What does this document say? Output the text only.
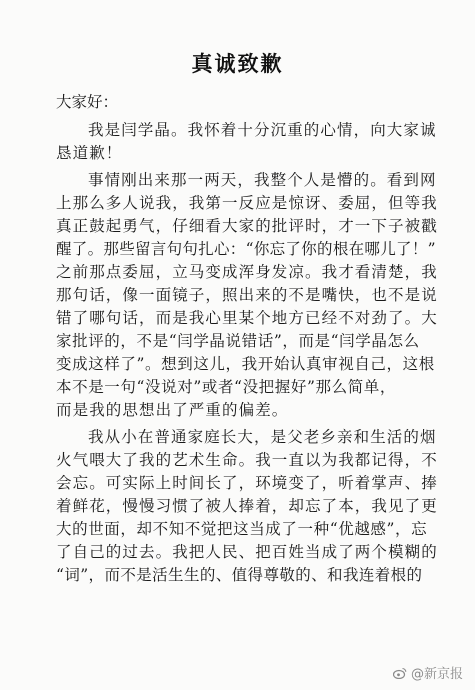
真诚致歉
大家好：
我是闫学晶。我怀着十分沉重的心情，向大家诚
恳道歉！
事情刚出来那一两天，我整个人是懵的。看到网
上那么多人说我，我第一反应是惊讶、委屈，但等我
真正鼓起勇气，仔细看大家的批评时，才一下子被戳
醒了。那些留言句句扎心：“你忘了你的根在哪儿了！”
之前那点委屈，立马变成浑身发凉。我才看清楚，我
那句话，像一面镜子，照出来的不是嘴快，也不是说
错了哪句话，而是我心里某个地方已经不对劲了。大
家批评的，不是“闫学晶说错话”，而是“闫学晶怎么
变成这样了”。想到这儿，我开始认真审视自己，这根
本不是一句“没说对”或者“没把握好”那么简单，
而是我的思想出了严重的偏差。
我从小在普通家庭长大，是父老乡亲和生活的烟
火气喂大了我的艺术生命。我一直以为我都记得，不
会忘。可实际上时间长了，环境变了，听着掌声、捧
着鲜花，慢慢习惯了被人捧着，却忘了本，我见了更
大的世面，却不知不觉把这当成了一种“优越感”，忘
了自己的过去。我把人民、把百姓当成了两个模糊的
“词”，而不是活生生的、值得尊敬的、和我连着根的
@新京报
